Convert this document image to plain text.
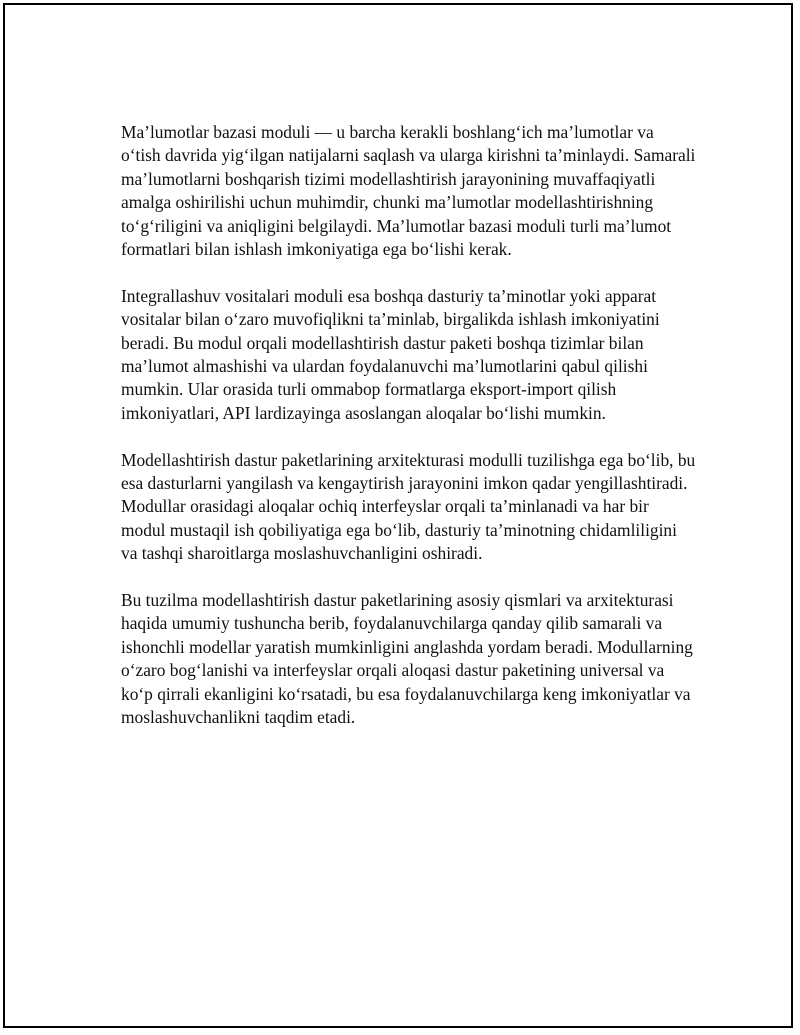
Ma’lumotlar bazasi moduli — u barcha kerakli boshlang‘ich ma’lumotlar va o‘tish davrida yig‘ilgan natijalarni saqlash va ularga kirishni ta’minlaydi. Samarali ma’lumotlarni boshqarish tizimi modellashtirish jarayonining muvaffaqiyatli amalga oshirilishi uchun muhimdir, chunki ma’lumotlar modellashtirishning to‘g‘riligini va aniqligini belgilaydi. Ma’lumotlar bazasi moduli turli ma’lumot formatlari bilan ishlash imkoniyatiga ega bo‘lishi kerak.

Integrallashuv vositalari moduli esa boshqa dasturiy ta’minotlar yoki apparat vositalar bilan o‘zaro muvofiqlikni ta’minlab, birgalikda ishlash imkoniyatini beradi. Bu modul orqali modellashtirish dastur paketi boshqa tizimlar bilan ma’lumot almashishi va ulardan foydalanuvchi ma’lumotlarini qabul qilishi mumkin. Ular orasida turli ommabop formatlarga eksport-import qilish imkoniyatlari, API lardizayinga asoslangan aloqalar bo‘lishi mumkin.

Modellashtirish dastur paketlarining arxitekturasi modulli tuzilishga ega bo‘lib, bu esa dasturlarni yangilash va kengaytirish jarayonini imkon qadar yengillashtiradi. Modullar orasidagi aloqalar ochiq interfeyslar orqali ta’minlanadi va har bir modul mustaqil ish qobiliyatiga ega bo‘lib, dasturiy ta’minotning chidamliligini va tashqi sharoitlarga moslashuvchanligini oshiradi.

Bu tuzilma modellashtirish dastur paketlarining asosiy qismlari va arxitekturasi haqida umumiy tushuncha berib, foydalanuvchilarga qanday qilib samarali va ishonchli modellar yaratish mumkinligini anglashda yordam beradi. Modullarning o‘zaro bog‘lanishi va interfeyslar orqali aloqasi dastur paketining universal va ko‘p qirrali ekanligini ko‘rsatadi, bu esa foydalanuvchilarga keng imkoniyatlar va moslashuvchanlikni taqdim etadi.
